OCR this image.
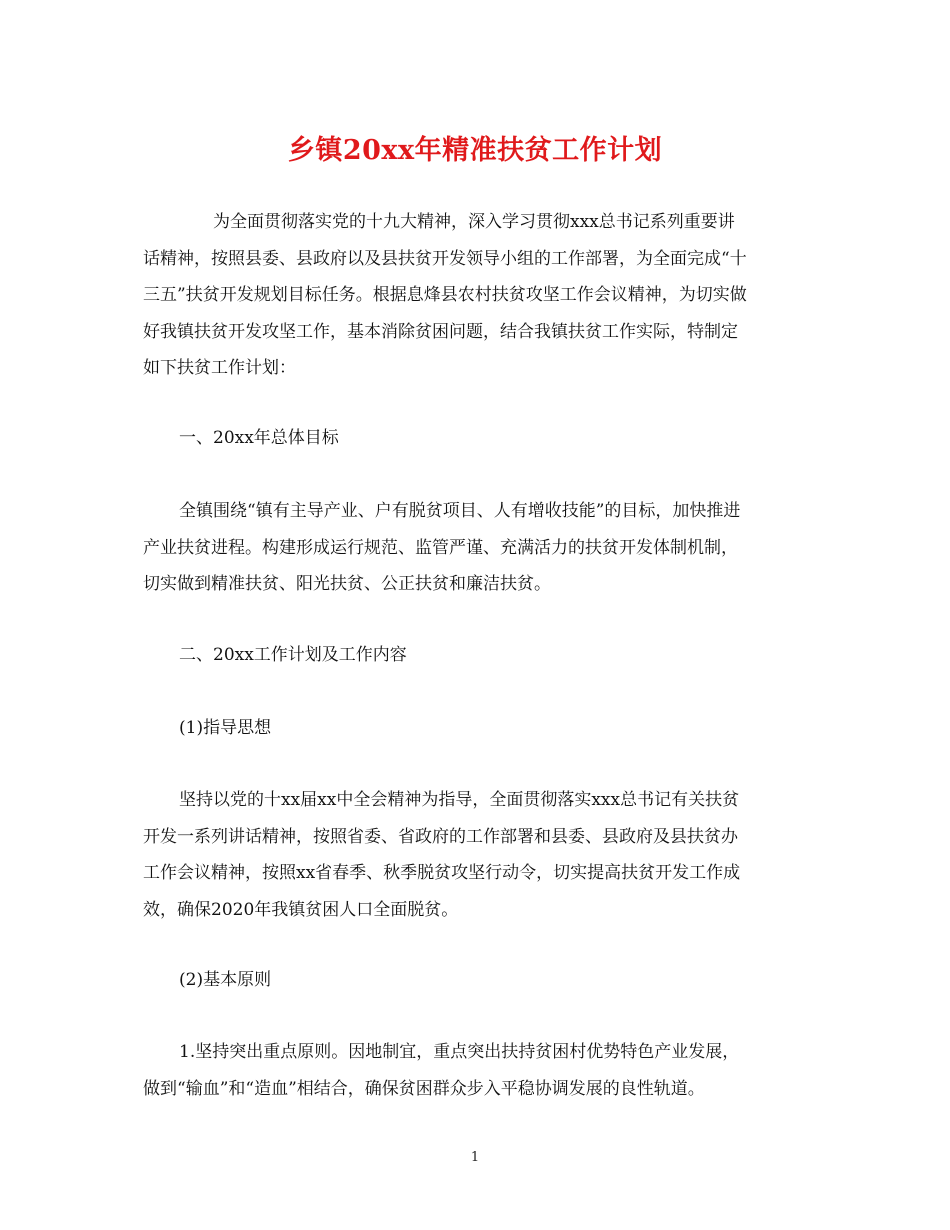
乡镇20xx年精准扶贫工作计划
为全面贯彻落实党的十九大精神，深入学习贯彻xxx总书记系列重要讲
话精神，按照县委、县政府以及县扶贫开发领导小组的工作部署，为全面完成“十
三五”扶贫开发规划目标任务。根据息烽县农村扶贫攻坚工作会议精神，为切实做
好我镇扶贫开发攻坚工作，基本消除贫困问题，结合我镇扶贫工作实际，特制定
如下扶贫工作计划：
一、20xx年总体目标
全镇围绕“镇有主导产业、户有脱贫项目、人有增收技能”的目标，加快推进
产业扶贫进程。构建形成运行规范、监管严谨、充满活力的扶贫开发体制机制，
切实做到精准扶贫、阳光扶贫、公正扶贫和廉洁扶贫。
二、20xx工作计划及工作内容
(1)指导思想
坚持以党的十xx届xx中全会精神为指导，全面贯彻落实xxx总书记有关扶贫
开发一系列讲话精神，按照省委、省政府的工作部署和县委、县政府及县扶贫办
工作会议精神，按照xx省春季、秋季脱贫攻坚行动令，切实提高扶贫开发工作成
效，确保2020年我镇贫困人口全面脱贫。
(2)基本原则
1.坚持突出重点原则。因地制宜，重点突出扶持贫困村优势特色产业发展，
做到“输血”和“造血”相结合，确保贫困群众步入平稳协调发展的良性轨道。
1
